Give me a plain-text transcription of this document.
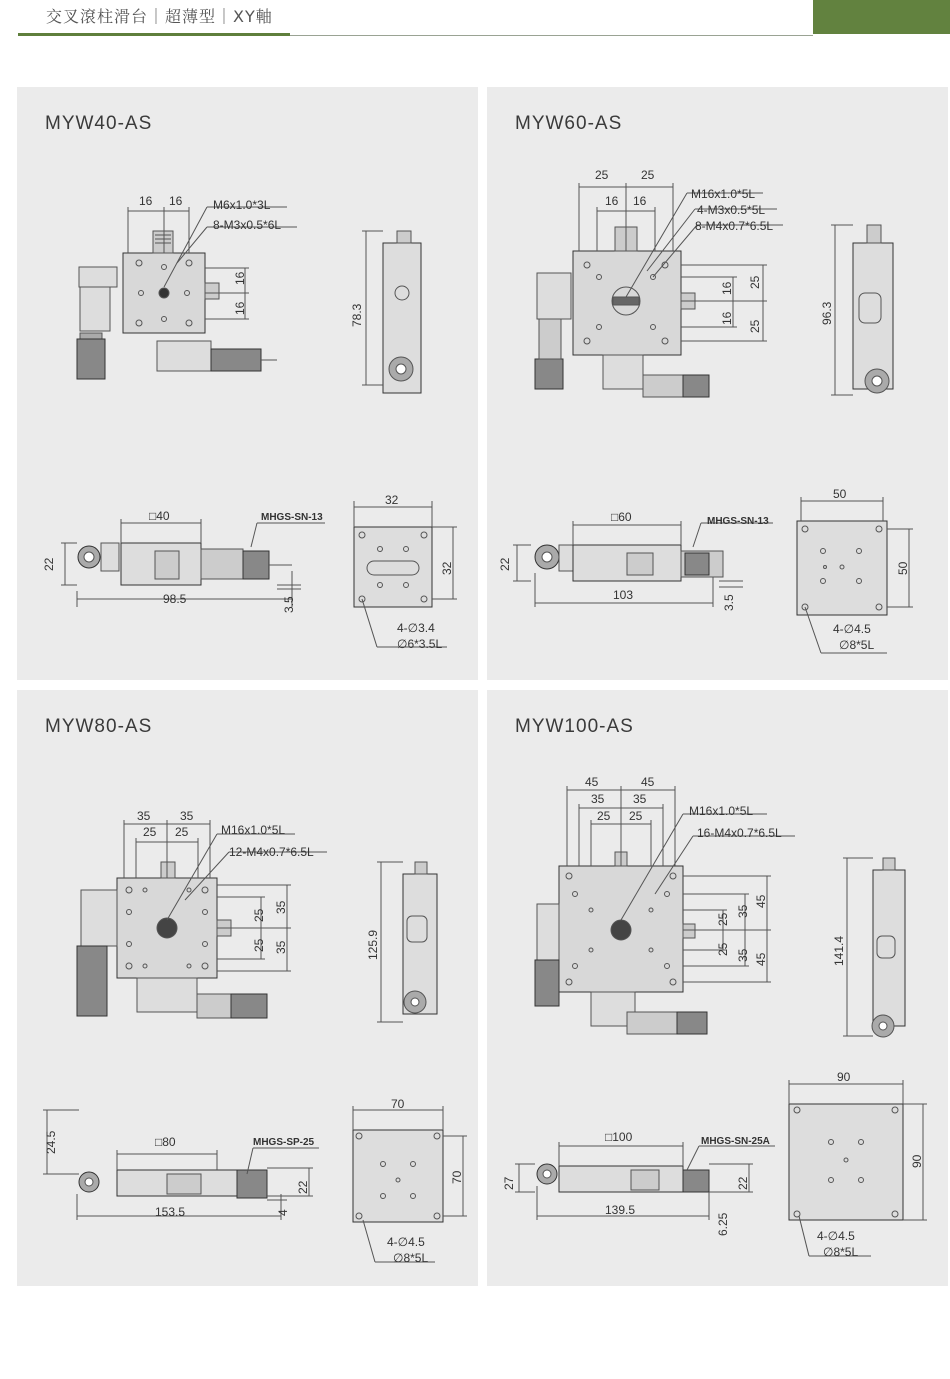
交叉滾柱滑台｜超薄型｜XY軸
MYW40-AS
16 16	M6x1.0*3L
8-M3x0.5*6L
16
16	78.3
□40	MHGS-SN-13
22
98.5	3.5
32
32
4-∅3.4
∅6*3.5L
MYW60-AS
25	25
16 16	M16x1.0*5L
4-M3x0.5*5L
8-M4x0.7*6.5L
16
16
25
25
96.3
□60	MHGS-SN-13
22
103	3.5
50
50
4-∅4.5
∅8*5L
MYW80-AS
35 35
25 25	M16x1.0*5L
12-M4x0.7*6.5L
25
25
35
35	125.9
□80	MHGS-SP-25
24.5
153.5
22
4
70
70
4-∅4.5
∅8*5L
MYW100-AS
45	45
35 35
25 25	M16x1.0*5L
16-M4x0.7*6.5L
25
25
35
35
45
45	141.4
□100	MHGS-SN-25A
27
139.5
22
6.25
90
90
4-∅4.5
∅8*5L
